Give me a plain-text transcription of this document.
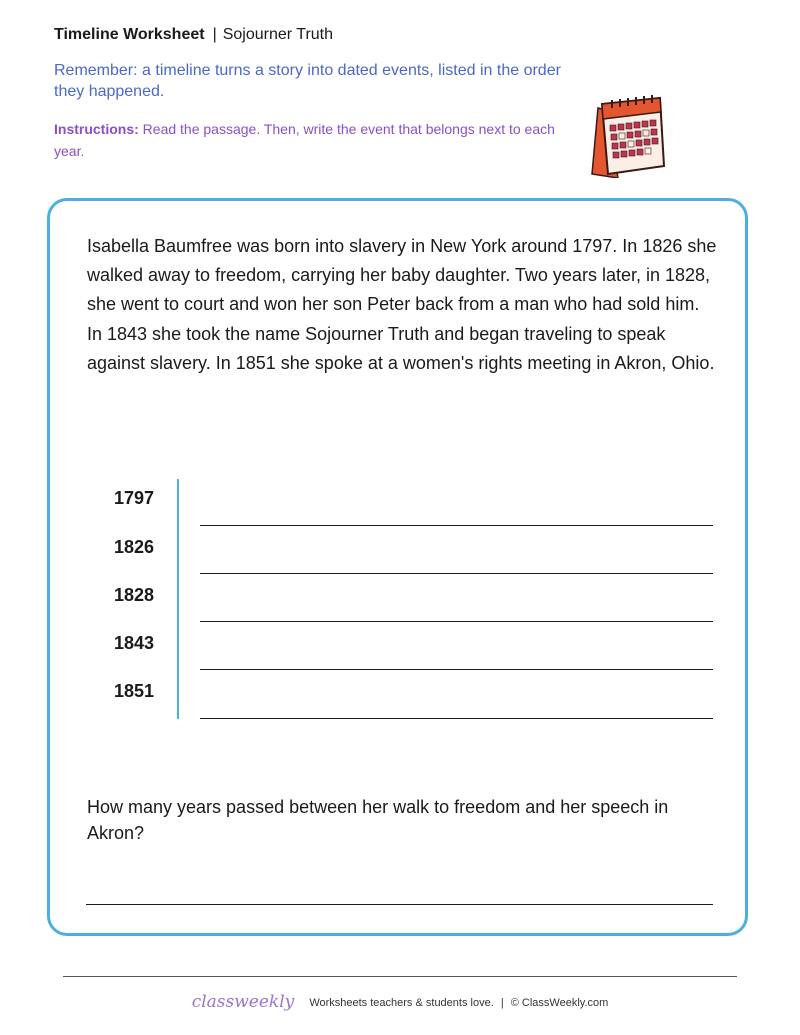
Timeline Worksheet | Sojourner Truth
Remember: a timeline turns a story into dated events, listed in the order they happened.
Instructions: Read the passage. Then, write the event that belongs next to each year.
Isabella Baumfree was born into slavery in New York around 1797. In 1826 she walked away to freedom, carrying her baby daughter. Two years later, in 1828, she went to court and won her son Peter back from a man who had sold him. In 1843 she took the name Sojourner Truth and began traveling to speak against slavery. In 1851 she spoke at a women's rights meeting in Akron, Ohio.
1797
1826
1828
1843
1851
How many years passed between her walk to freedom and her speech in Akron?
classweekly Worksheets teachers & students love. | © ClassWeekly.com
